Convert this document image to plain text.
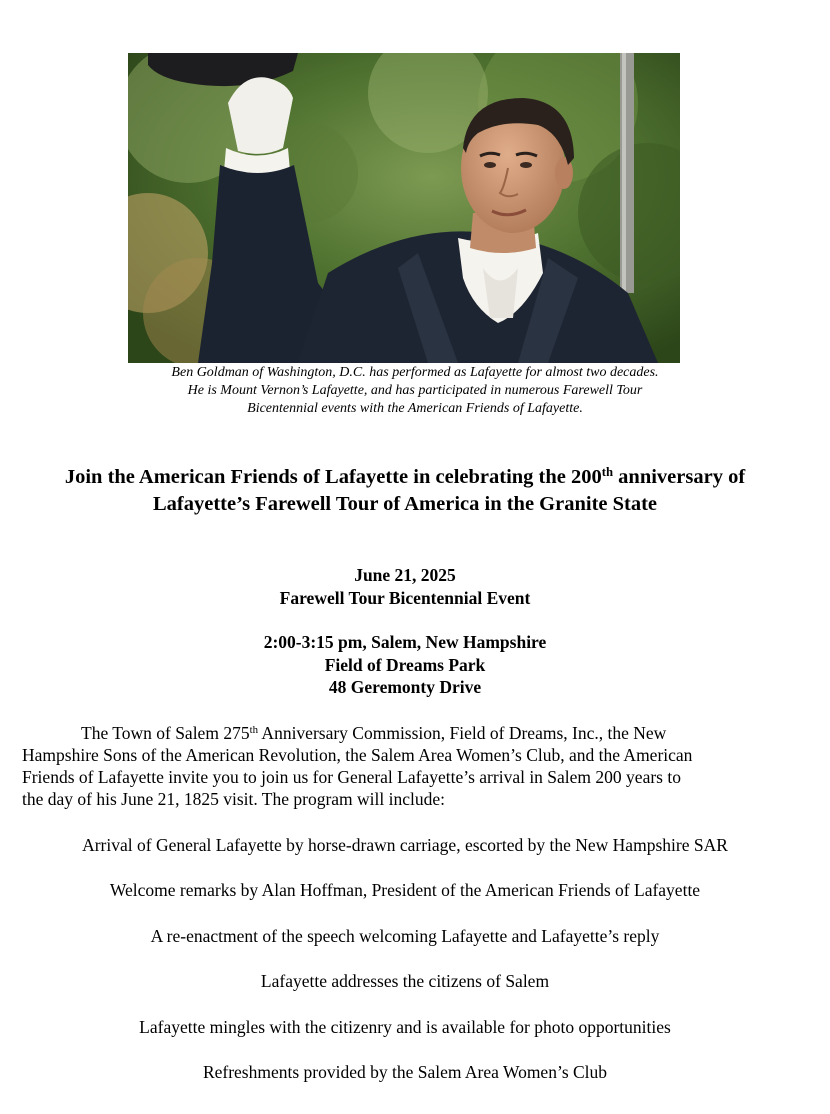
Ben Goldman of Washington, D.C. has performed as Lafayette for almost two decades.
He is Mount Vernon’s Lafayette, and has participated in numerous Farewell Tour
Bicentennial events with the American Friends of Lafayette.
Join the American Friends of Lafayette in celebrating the 200th anniversary of
Lafayette’s Farewell Tour of America in the Granite State
June 21, 2025
Farewell Tour Bicentennial Event
2:00-3:15 pm, Salem, New Hampshire
Field of Dreams Park
48 Geremonty Drive
The Town of Salem 275th Anniversary Commission, Field of Dreams, Inc., the New
Hampshire Sons of the American Revolution, the Salem Area Women’s Club, and the American
Friends of Lafayette invite you to join us for General Lafayette’s arrival in Salem 200 years to
the day of his June 21, 1825 visit. The program will include:
Arrival of General Lafayette by horse-drawn carriage, escorted by the New Hampshire SAR
Welcome remarks by Alan Hoffman, President of the American Friends of Lafayette
A re-enactment of the speech welcoming Lafayette and Lafayette’s reply
Lafayette addresses the citizens of Salem
Lafayette mingles with the citizenry and is available for photo opportunities
Refreshments provided by the Salem Area Women’s Club
